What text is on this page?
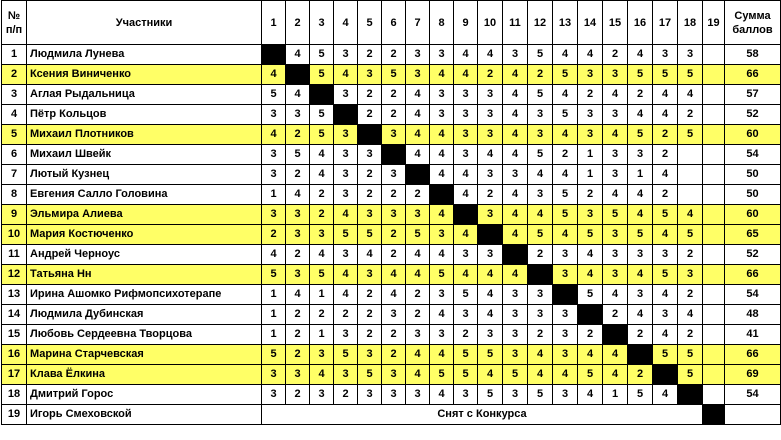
№
п/п	Участники	1	2	3	4	5	6	7	8	9	10	11	12	13	14	15	16	17	18	19	Сумма
баллов
1	Людмила Лунева		4	5	3	2	2	3	3	4	4	3	5	4	4	2	4	3	3		58
2	Ксения Виниченко	4		5	4	3	5	3	4	4	2	4	2	5	3	3	5	5	5		66
3	Аглая Рыдальница	5	4		3	2	2	4	3	3	3	4	5	4	2	4	2	4	4		57
4	Пётр Кольцов	3	3	5		2	2	4	3	3	3	4	3	5	3	3	4	4	2		52
5	Михаил Плотников	4	2	5	3		3	4	4	3	3	4	3	4	3	4	5	2	5		60
6	Михаил Швейк	3	5	4	3	3		4	4	3	4	4	5	2	1	3	3	2			54
7	Лютый Кузнец	3	2	4	3	2	3		4	4	3	3	4	4	1	3	1	4			50
8	Евгения Салло Головина	1	4	2	3	2	2	2		4	2	4	3	5	2	4	4	2			50
9	Эльмира Алиева	3	3	2	4	3	3	3	4		3	4	4	5	3	5	4	5	4		60
10	Мария Костюченко	2	3	3	5	5	2	5	3	4		4	5	4	5	3	5	4	5		65
11	Андрей Черноус	4	2	4	3	4	2	4	4	3	3		2	3	4	3	3	3	2		52
12	Татьяна Нн	5	3	5	4	3	4	4	5	4	4	4		3	4	3	4	5	3		66
13	Ирина Ашомко Рифмопсихотерапе	1	4	1	4	2	4	2	3	5	4	3	3		5	4	3	4	2		54
14	Людмила Дубинская	1	2	2	2	2	3	2	4	3	4	3	3	3		2	4	3	4		48
15	Любовь Сердеевна Творцова	1	2	1	3	2	2	3	3	2	3	3	2	3	2		2	4	2		41
16	Марина Старчевская	5	2	3	5	3	2	4	4	5	5	3	4	3	4	4		5	5		66
17	Клава Ёлкина	3	3	4	3	5	3	4	5	5	4	5	4	4	5	4	2		5		69
18	Дмитрий Горос	3	2	3	2	3	3	3	4	3	5	3	5	3	4	1	5	4			54
19	Игорь Смеховской	Снят с Конкурса																			
